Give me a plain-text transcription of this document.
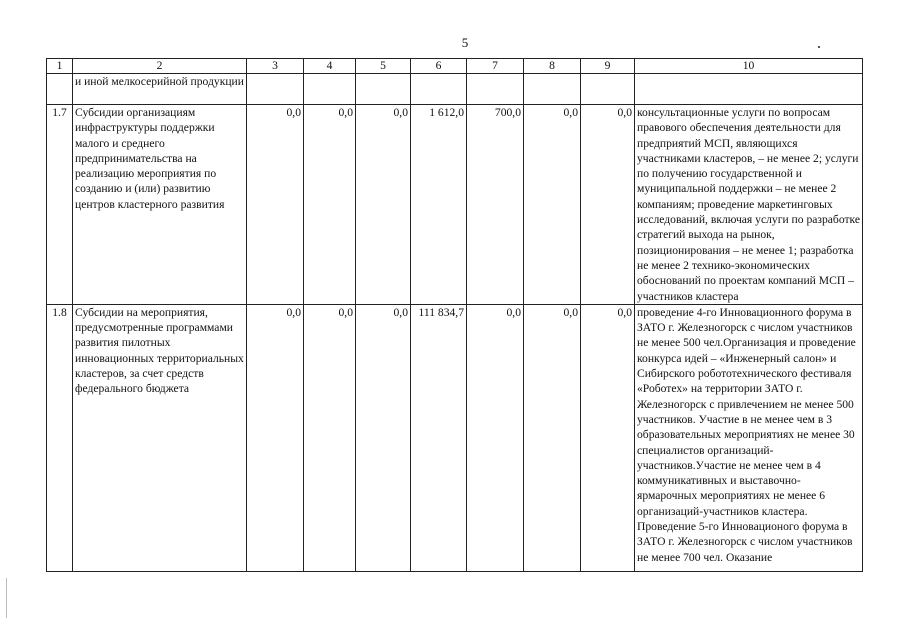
5
1	2	3	4	5	6	7	8	9	10
	и иной мелкосерийной продукции								
1.7	Субсидии организациям инфраструктуры поддержки малого и среднего предпринимательства на реализацию мероприятия по созданию и (или) развитию центров кластерного развития	0,0	0,0	0,0	1 612,0	700,0	0,0	0,0	консультационные услуги по вопросам правового обеспечения деятельности для предприятий МСП, являющихся участниками кластеров, – не менее 2; услуги по получению государственной и муниципальной поддержки – не менее 2 компаниям; проведение маркетинговых исследований, включая услуги по разработке стратегий выхода на рынок, позиционирования – не менее 1; разработка не менее 2 технико-экономических обоснований по проектам компаний МСП – участников кластера
1.8	Субсидии на мероприятия, предусмотренные программами развития пилотных инновационных территориальных кластеров, за счет средств федерального бюджета	0,0	0,0	0,0	111 834,7	0,0	0,0	0,0	проведение 4-го Инновационного форума в ЗАТО г. Железногорск с числом участников не менее 500 чел.Организация и проведение конкурса идей – «Инженерный салон» и Сибирского робототехнического фестиваля «Роботех» на территории ЗАТО г. Железногорск с привлечением не менее 500 участников. Участие в не менее чем в 3 образовательных мероприятиях не менее 30 специалистов организаций-участников.Участие не менее чем в 4 коммуникативных и выставочно-ярмарочных мероприятиях не менее 6 организаций-участников кластера. Проведение 5-го Инновационого форума в ЗАТО г. Железногорск с числом участников не менее 700 чел. Оказание
